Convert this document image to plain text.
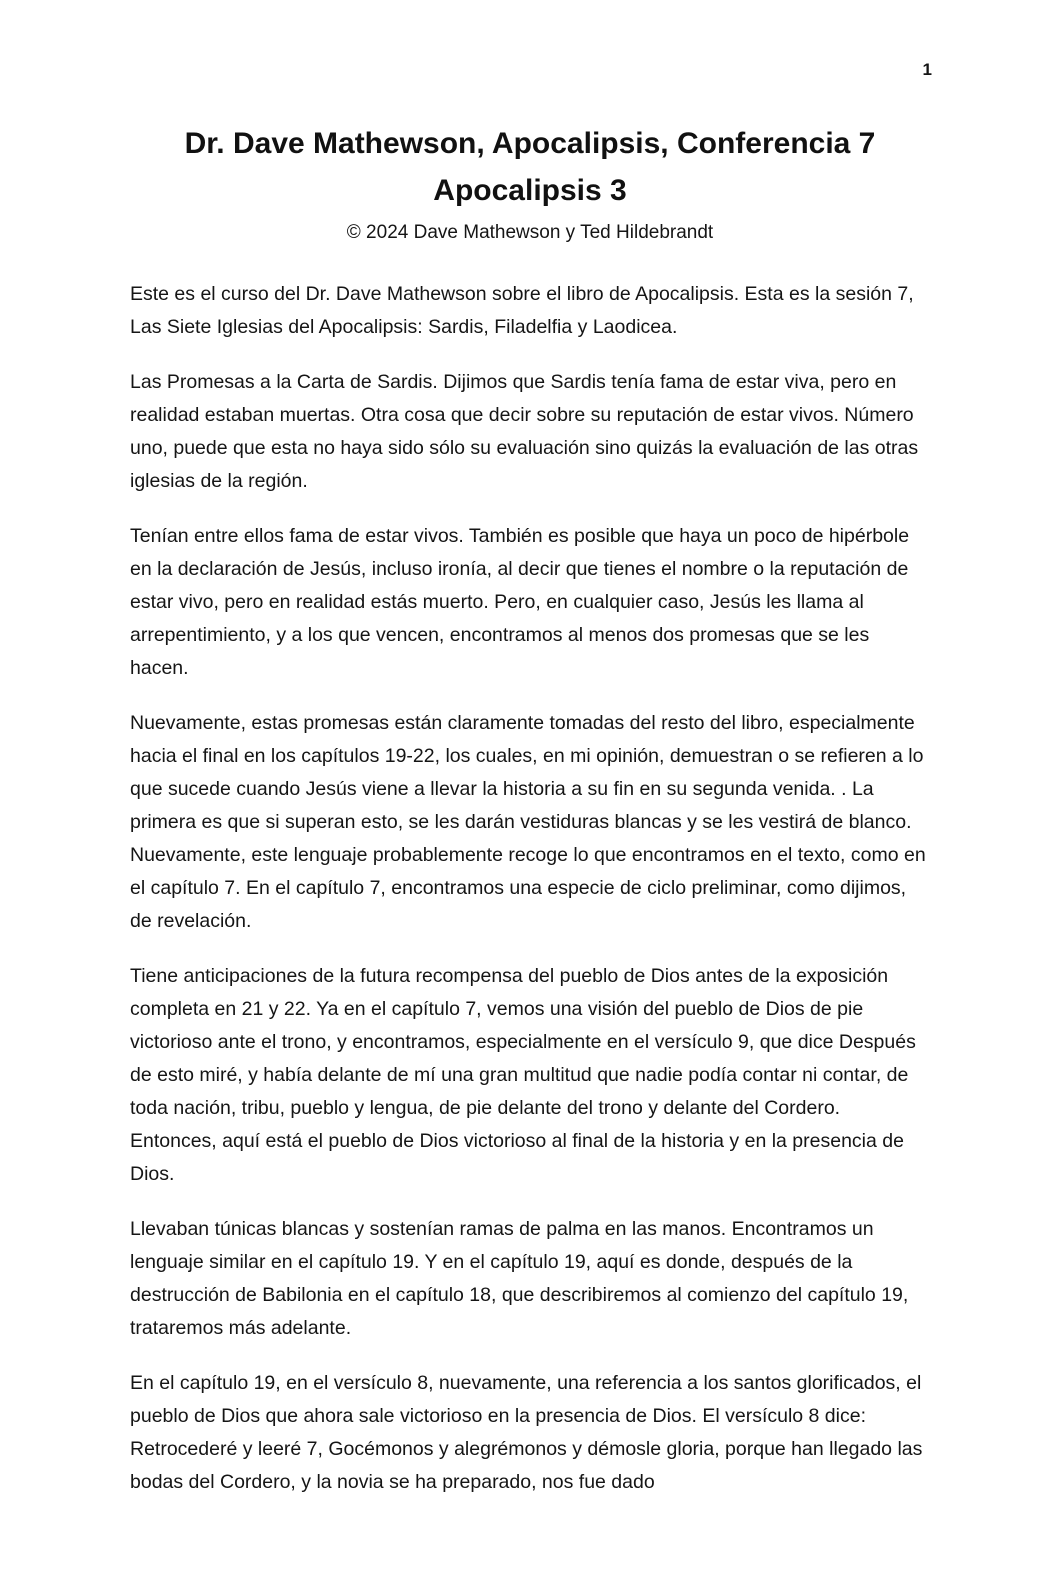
1
Dr. Dave Mathewson, Apocalipsis, Conferencia 7
Apocalipsis 3

© 2024 Dave Mathewson y Ted Hildebrandt

Este es el curso del Dr. Dave Mathewson sobre el libro de Apocalipsis. Esta es la sesión 7, Las Siete Iglesias del Apocalipsis: Sardis, Filadelfia y Laodicea.

Las Promesas a la Carta de Sardis. Dijimos que Sardis tenía fama de estar viva, pero en realidad estaban muertas. Otra cosa que decir sobre su reputación de estar vivos. Número uno, puede que esta no haya sido sólo su evaluación sino quizás la evaluación de las otras iglesias de la región.

Tenían entre ellos fama de estar vivos. También es posible que haya un poco de hipérbole en la declaración de Jesús, incluso ironía, al decir que tienes el nombre o la reputación de estar vivo, pero en realidad estás muerto. Pero, en cualquier caso, Jesús les llama al arrepentimiento, y a los que vencen, encontramos al menos dos promesas que se les hacen.

Nuevamente, estas promesas están claramente tomadas del resto del libro, especialmente hacia el final en los capítulos 19-22, los cuales, en mi opinión, demuestran o se refieren a lo que sucede cuando Jesús viene a llevar la historia a su fin en su segunda venida. . La primera es que si superan esto, se les darán vestiduras blancas y se les vestirá de blanco. Nuevamente, este lenguaje probablemente recoge lo que encontramos en el texto, como en el capítulo 7. En el capítulo 7, encontramos una especie de ciclo preliminar, como dijimos, de revelación.

Tiene anticipaciones de la futura recompensa del pueblo de Dios antes de la exposición completa en 21 y 22. Ya en el capítulo 7, vemos una visión del pueblo de Dios de pie victorioso ante el trono, y encontramos, especialmente en el versículo 9, que dice Después de esto miré, y había delante de mí una gran multitud que nadie podía contar ni contar, de toda nación, tribu, pueblo y lengua, de pie delante del trono y delante del Cordero. Entonces, aquí está el pueblo de Dios victorioso al final de la historia y en la presencia de Dios.

Llevaban túnicas blancas y sostenían ramas de palma en las manos. Encontramos un lenguaje similar en el capítulo 19. Y en el capítulo 19, aquí es donde, después de la destrucción de Babilonia en el capítulo 18, que describiremos al comienzo del capítulo 19, trataremos más adelante.

En el capítulo 19, en el versículo 8, nuevamente, una referencia a los santos glorificados, el pueblo de Dios que ahora sale victorioso en la presencia de Dios. El versículo 8 dice: Retrocederé y leeré 7, Gocémonos y alegrémonos y démosle gloria, porque han llegado las bodas del Cordero, y la novia se ha preparado, nos fue dado
